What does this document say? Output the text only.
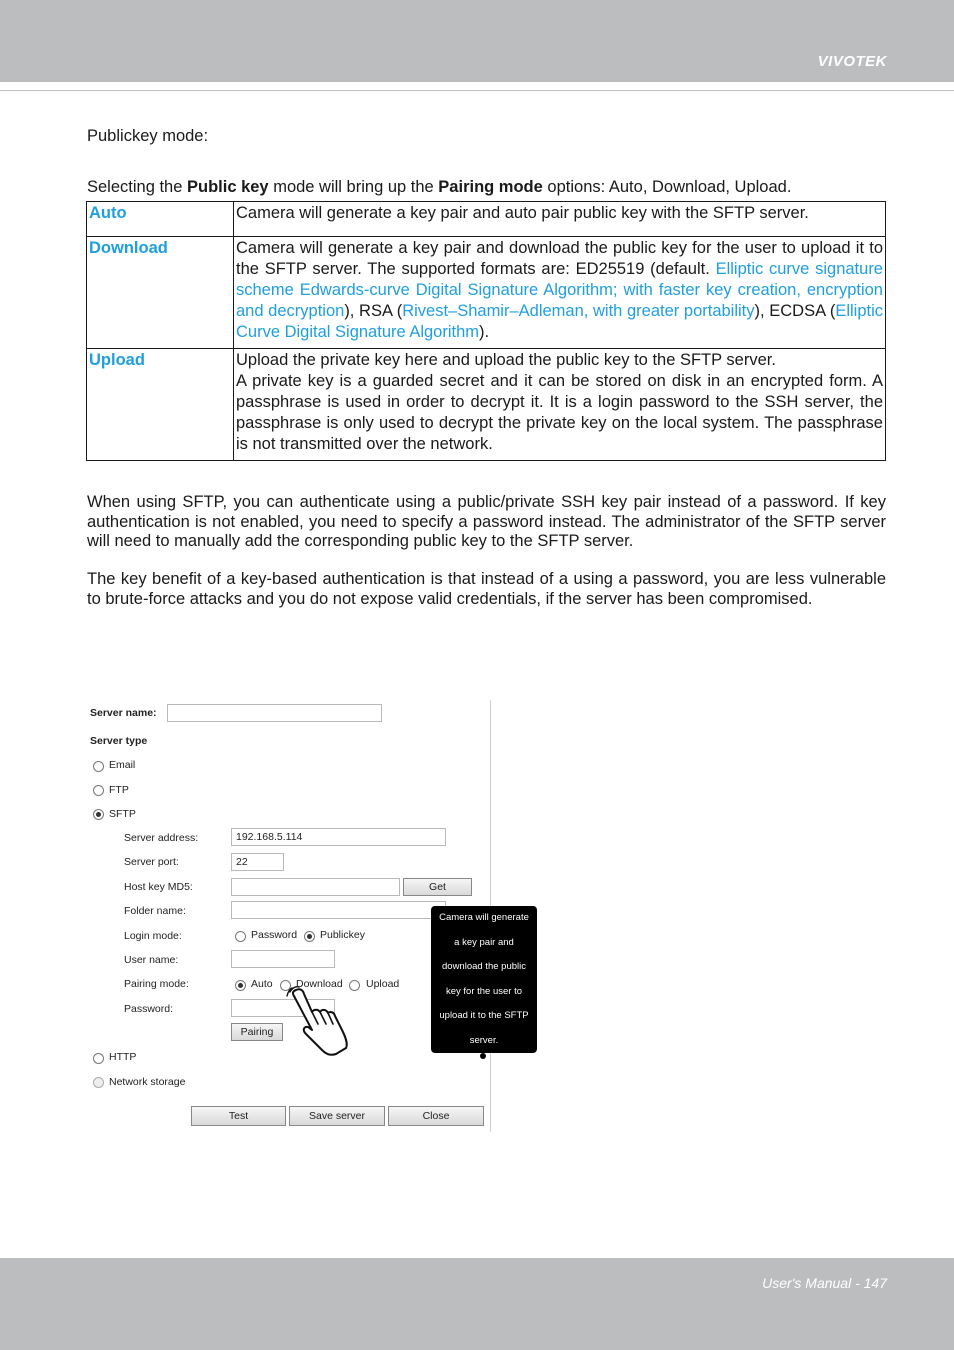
VIVOTEK
Publickey mode:
Selecting the Public key mode will bring up the Pairing mode options: Auto, Download, Upload.
Auto	Camera will generate a key pair and auto pair public key with the SFTP server.
Download	Camera will generate a key pair and download the public key for the user to upload it to the SFTP server. The supported formats are: ED25519 (default. Elliptic curve signature scheme Edwards-curve Digital Signature Algorithm; with faster key creation, encryption and decryption), RSA (Rivest–Shamir–Adleman, with greater portability), ECDSA (Elliptic Curve Digital Signature Algorithm).
Upload	Upload the private key here and upload the public key to the SFTP server.
A private key is a guarded secret and it can be stored on disk in an encrypted form. A passphrase is used in order to decrypt it. It is a login password to the SSH server, the passphrase is only used to decrypt the private key on the local system. The passphrase is not transmitted over the network.
When using SFTP, you can authenticate using a public/private SSH key pair instead of a password. If key authentication is not enabled, you need to specify a password instead. The administrator of the SFTP server will need to manually add the corresponding public key to the SFTP server.
The key benefit of a key-based authentication is that instead of a using a password, you are less vulnerable to brute-force attacks and you do not expose valid credentials, if the server has been compromised.
Server name:
Server type
Email
FTP
SFTP
Server address:	192.168.5.114
Server port:	22
Host key MD5:	Get
Folder name:
Login mode:	Password Publickey
User name:
Pairing mode:	Auto Download Upload
Password:
Pairing
HTTP
Network storage
Test	Save server	Close
Camera will generate
a key pair and
download the public
key for the user to
upload it to the SFTP
server.
User's Manual - 147
